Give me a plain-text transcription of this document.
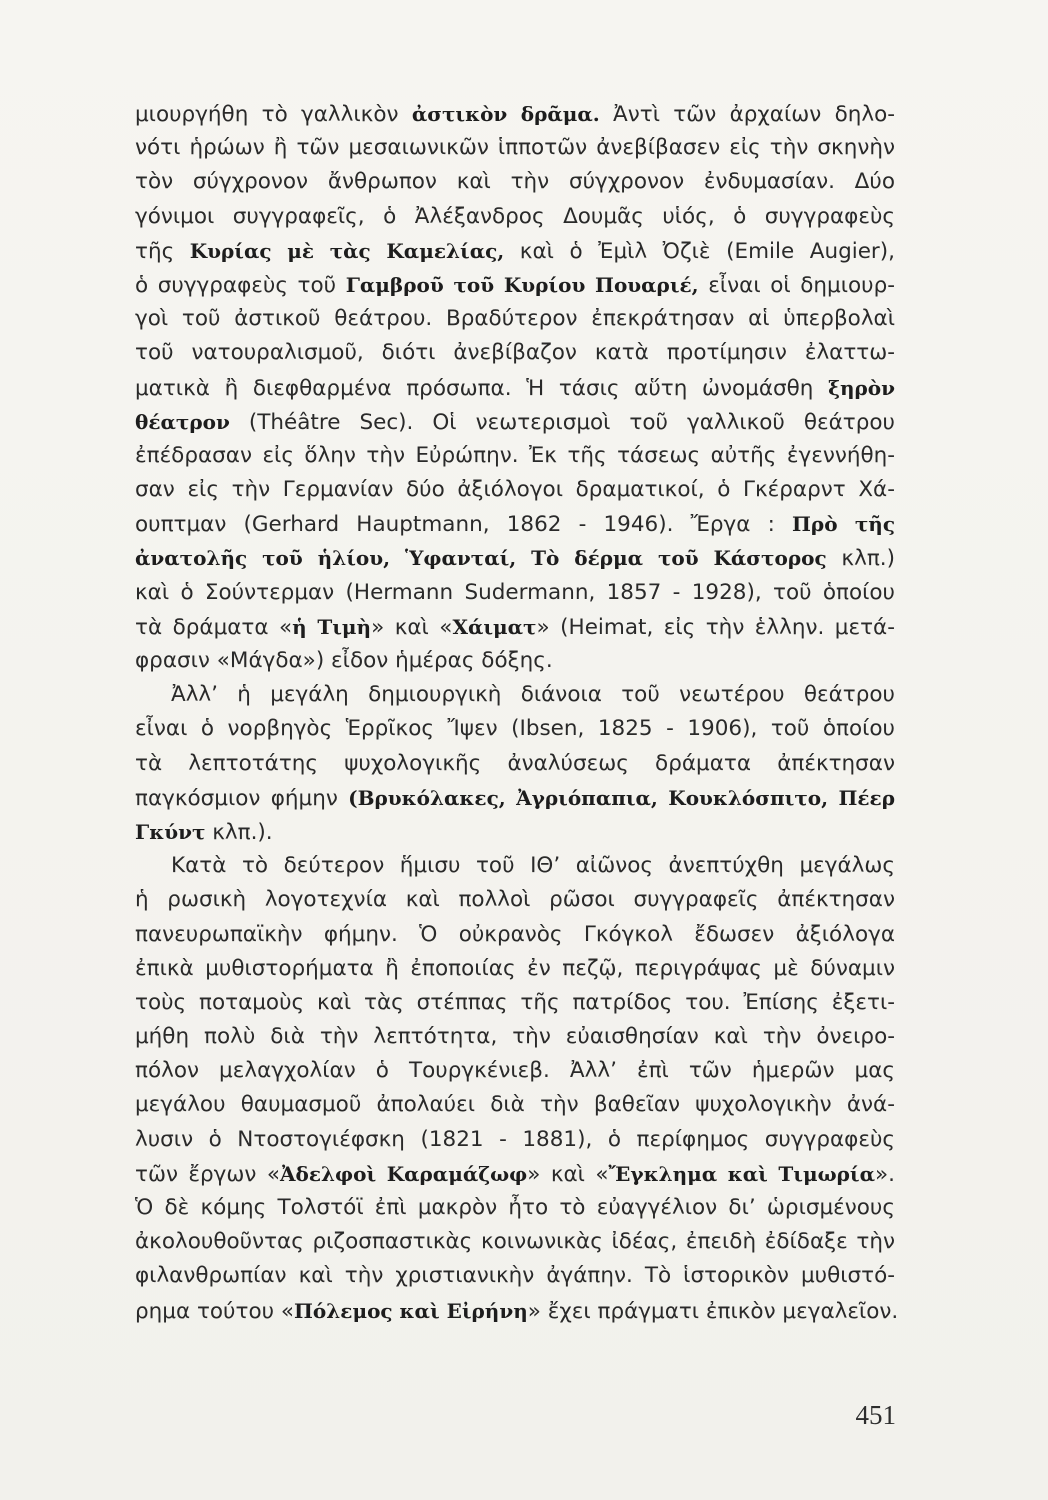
μιουργήθη τὸ γαλλικὸν ἀστικὸν δρᾶμα. Ἀντὶ τῶν ἀρχαίων δηλο-
νότι ἡρώων ἢ τῶν μεσαιωνικῶν ἱπποτῶν ἀνεβίβασεν εἰς τὴν σκηνὴν
τὸν σύγχρονον ἄνθρωπον καὶ τὴν σύγχρονον ἐνδυμασίαν. Δύο
γόνιμοι συγγραφεῖς, ὁ Ἀλέξανδρος Δουμᾶς υἱός, ὁ συγγραφεὺς
τῆς Κυρίας μὲ τὰς Καμελίας, καὶ ὁ Ἐμὶλ Ὀζιὲ (Emile Augier),
ὁ συγγραφεὺς τοῦ Γαμβροῦ τοῦ Κυρίου Πουαριέ, εἶναι οἱ δημιουρ-
γοὶ τοῦ ἀστικοῦ θεάτρου. Βραδύτερον ἐπεκράτησαν αἱ ὑπερβολαὶ
τοῦ νατουραλισμοῦ, διότι ἀνεβίβαζον κατὰ προτίμησιν ἐλαττω-
ματικὰ ἢ διεφθαρμένα πρόσωπα. Ἡ τάσις αὕτη ὠνομάσθη ξηρὸν
θέατρον (Théâtre Sec). Οἱ νεωτερισμοὶ τοῦ γαλλικοῦ θεάτρου
ἐπέδρασαν εἰς ὅλην τὴν Εὐρώπην. Ἐκ τῆς τάσεως αὐτῆς ἐγεννήθη-
σαν εἰς τὴν Γερμανίαν δύο ἀξιόλογοι δραματικοί, ὁ Γκέραρντ Χά-
ουπτμαν (Gerhard Hauptmann, 1862 - 1946). Ἔργα : Πρὸ τῆς
ἀνατολῆς τοῦ ἡλίου, Ὑφανταί, Τὸ δέρμα τοῦ Κάστορος κλπ.)
καὶ ὁ Σούντερμαν (Hermann Sudermann, 1857 - 1928), τοῦ ὁποίου
τὰ δράματα «ἡ Τιμὴ» καὶ «Χάιματ» (Heimat, εἰς τὴν ἑλλην. μετά-
φρασιν «Μάγδα») εἶδον ἡμέρας δόξης.
Ἀλλ’ ἡ μεγάλη δημιουργικὴ διάνοια τοῦ νεωτέρου θεάτρου
εἶναι ὁ νορβηγὸς Ἑρρῖκος Ἴψεν (Ibsen, 1825 - 1906), τοῦ ὁποίου
τὰ λεπτοτάτης ψυχολογικῆς ἀναλύσεως δράματα ἀπέκτησαν
παγκόσμιον φήμην (Βρυκόλακες, Ἀγριόπαπια, Κουκλόσπιτο, Πέερ
Γκύντ κλπ.).
Κατὰ τὸ δεύτερον ἥμισυ τοῦ ΙΘ’ αἰῶνος ἀνεπτύχθη μεγάλως
ἡ ρωσικὴ λογοτεχνία καὶ πολλοὶ ρῶσοι συγγραφεῖς ἀπέκτησαν
πανευρωπαϊκὴν φήμην. Ὁ οὐκρανὸς Γκόγκολ ἔδωσεν ἀξιόλογα
ἐπικὰ μυθιστορήματα ἢ ἐποποιίας ἐν πεζῷ, περιγράψας μὲ δύναμιν
τοὺς ποταμοὺς καὶ τὰς στέππας τῆς πατρίδος του. Ἐπίσης ἐξετι-
μήθη πολὺ διὰ τὴν λεπτότητα, τὴν εὐαισθησίαν καὶ τὴν ὀνειρο-
πόλον μελαγχολίαν ὁ Τουργκένιεβ. Ἀλλ’ ἐπὶ τῶν ἡμερῶν μας
μεγάλου θαυμασμοῦ ἀπολαύει διὰ τὴν βαθεῖαν ψυχολογικὴν ἀνά-
λυσιν ὁ Ντοστογιέφσκη (1821 - 1881), ὁ περίφημος συγγραφεὺς
τῶν ἔργων «Ἀδελφοὶ Καραμάζωφ» καὶ «Ἔγκλημα καὶ Τιμωρία».
Ὁ δὲ κόμης Τολστόϊ ἐπὶ μακρὸν ἦτο τὸ εὐαγγέλιον δι’ ὡρισμένους
ἀκολουθοῦντας ριζοσπαστικὰς κοινωνικὰς ἰδέας, ἐπειδὴ ἐδίδαξε τὴν
φιλανθρωπίαν καὶ τὴν χριστιανικὴν ἀγάπην. Τὸ ἱστορικὸν μυθιστό-
ρημα τούτου «Πόλεμος καὶ Εἰρήνη» ἔχει πράγματι ἐπικὸν μεγαλεῖον.
451
